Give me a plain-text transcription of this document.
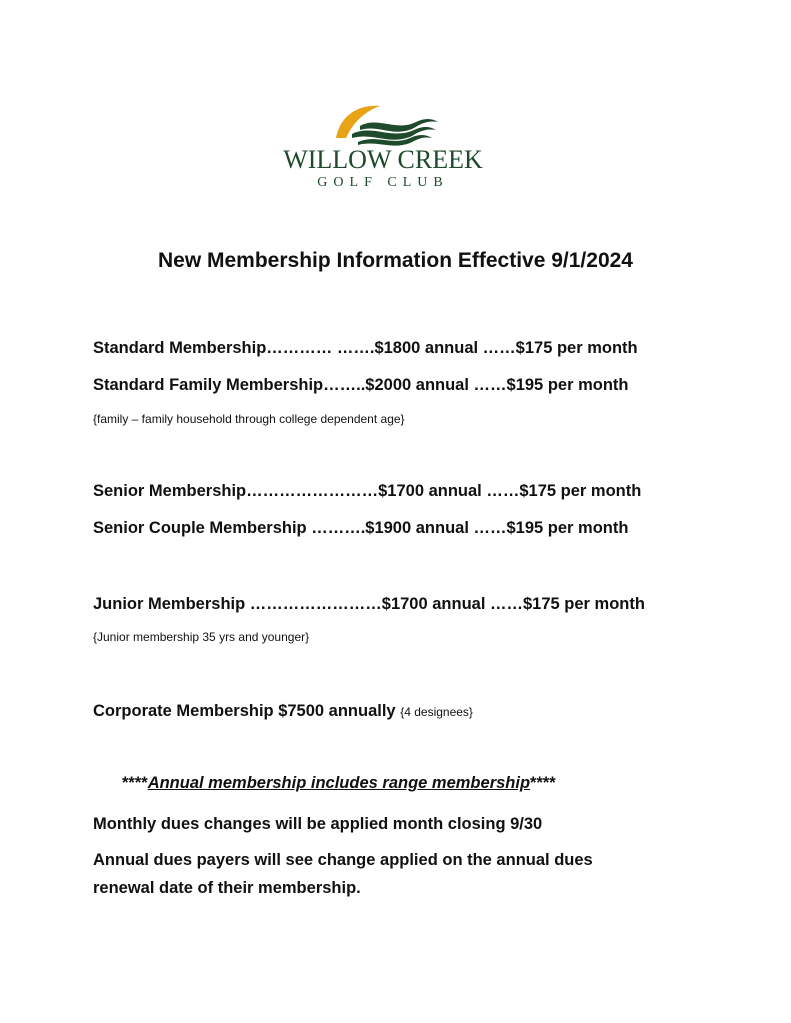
WILLOW CREEK
GOLF CLUB
New Membership Information Effective 9/1/2024
Standard Membership………… …….$1800 annual ……$175 per month
Standard Family Membership……..$2000 annual ……$195 per month
{family – family household through college dependent age}
Senior Membership……………………$1700 annual ……$175 per month
Senior Couple Membership ……….$1900 annual ……$195 per month
Junior Membership ……………………$1700 annual ……$175 per month
{Junior membership 35 yrs and younger}
Corporate Membership $7500 annually {4 designees}
****Annual membership includes range membership****
Monthly dues changes will be applied month closing 9/30
Annual dues payers will see change applied on the annual dues
renewal date of their membership.
